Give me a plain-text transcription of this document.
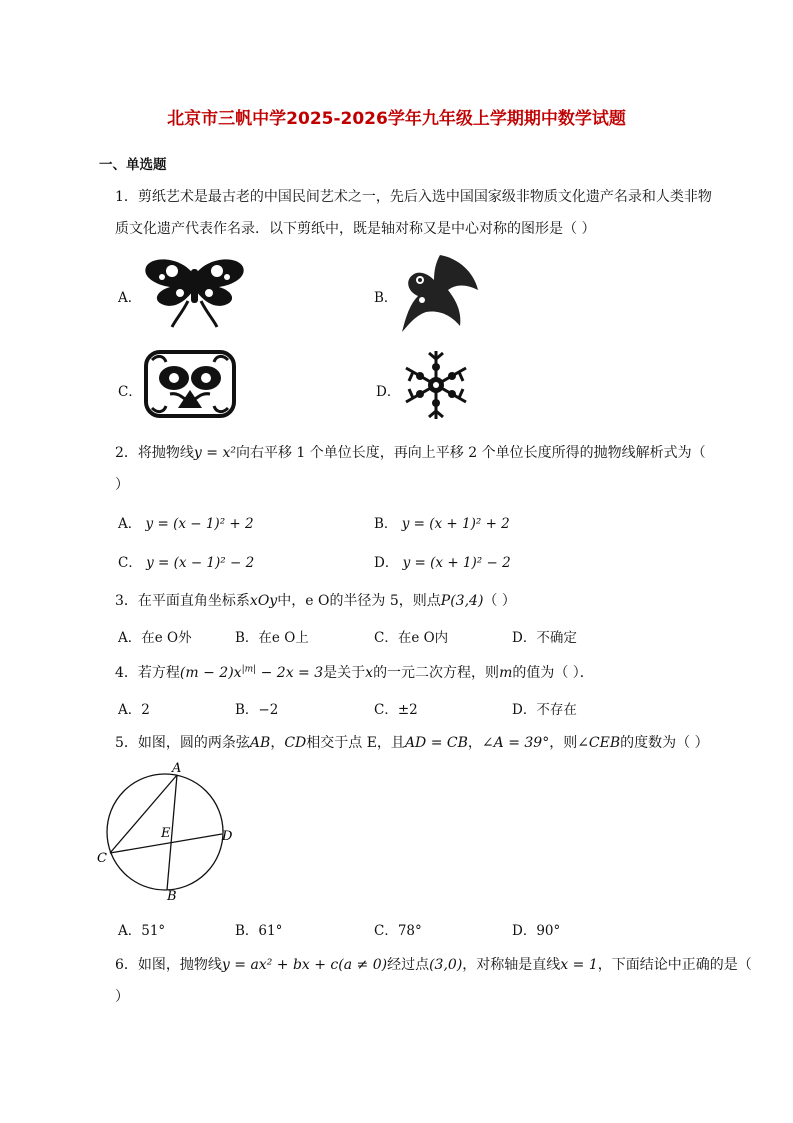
北京市三帆中学2025-2026学年九年级上学期期中数学试题
一、单选题
1．剪纸艺术是最古老的中国民间艺术之一，先后入选中国国家级非物质文化遗产名录和人类非物
质文化遗产代表作名录．以下剪纸中，既是轴对称又是中心对称的图形是（ ）
A．	B．
C．	D．
2．将抛物线y = x²向右平移 1 个单位长度，再向上平移 2 个单位长度所得的抛物线解析式为（
）
A． y = (x − 1)² + 2	B． y = (x + 1)² + 2
C． y = (x − 1)² − 2	D． y = (x + 1)² − 2
3．在平面直角坐标系xOy中，e O的半径为 5，则点P(3,4)（ ）
A．在e O外	B．在e O上	C．在e O内	D．不确定
4．若方程$(m - 2)x^{|m|} - 2x = 3$是关于x的一元二次方程，则m的值为（ ）．
A．2	B．−2	C．±2	D．不存在
5．如图，圆的两条弦AB，CD相交于点 E，且AD = CB，∠A = 39°，则∠CEB的度数为（ ）
A
B
C
D
E
A．51°	B．61°	C．78°	D．90°
6．如图，抛物线y = ax² + bx + c(a ≠ 0)经过点(3,0)，对称轴是直线x = 1，下面结论中正确的是（
）
